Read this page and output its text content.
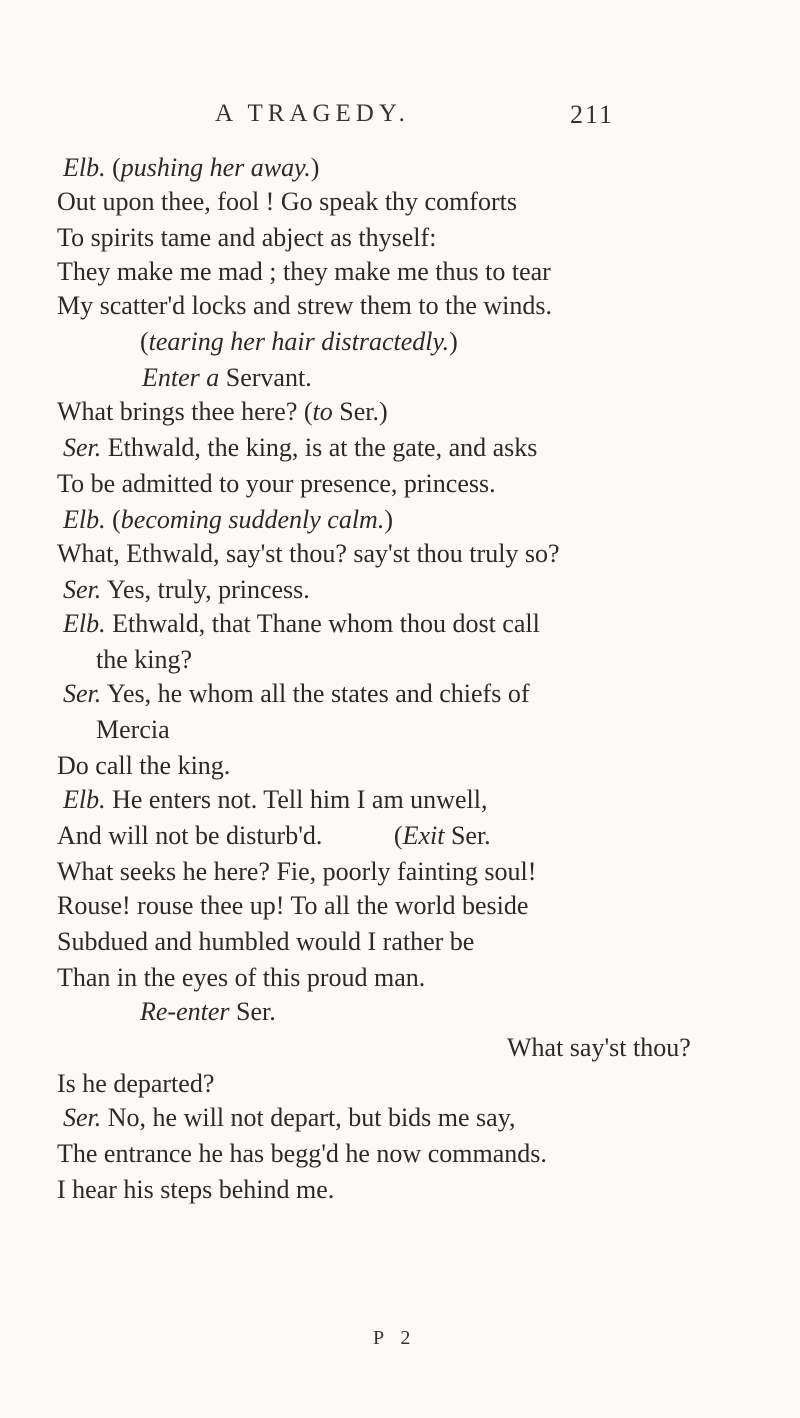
A TRAGEDY.	211
Elb. (pushing her away.)
Out upon thee, fool ! Go speak thy comforts
To spirits tame and abject as thyself:
They make me mad ; they make me thus to tear
My scatter'd locks and strew them to the winds.
(tearing her hair distractedly.)
Enter a Servant.
What brings thee here? (to Ser.)
Ser. Ethwald, the king, is at the gate, and asks
To be admitted to your presence, princess.
Elb. (becoming suddenly calm.)
What, Ethwald, say'st thou? say'st thou truly so?
Ser. Yes, truly, princess.
Elb. Ethwald, that Thane whom thou dost call
the king?
Ser. Yes, he whom all the states and chiefs of
Mercia
Do call the king.
Elb. He enters not. Tell him I am unwell,
And will not be disturb'd.           (Exit Ser.
What seeks he here? Fie, poorly fainting soul!
Rouse! rouse thee up! To all the world beside
Subdued and humbled would I rather be
Than in the eyes of this proud man.
Re-enter Ser.
What say'st thou?
Is he departed?
Ser. No, he will not depart, but bids me say,
The entrance he has begg'd he now commands.
I hear his steps behind me.
P 2
